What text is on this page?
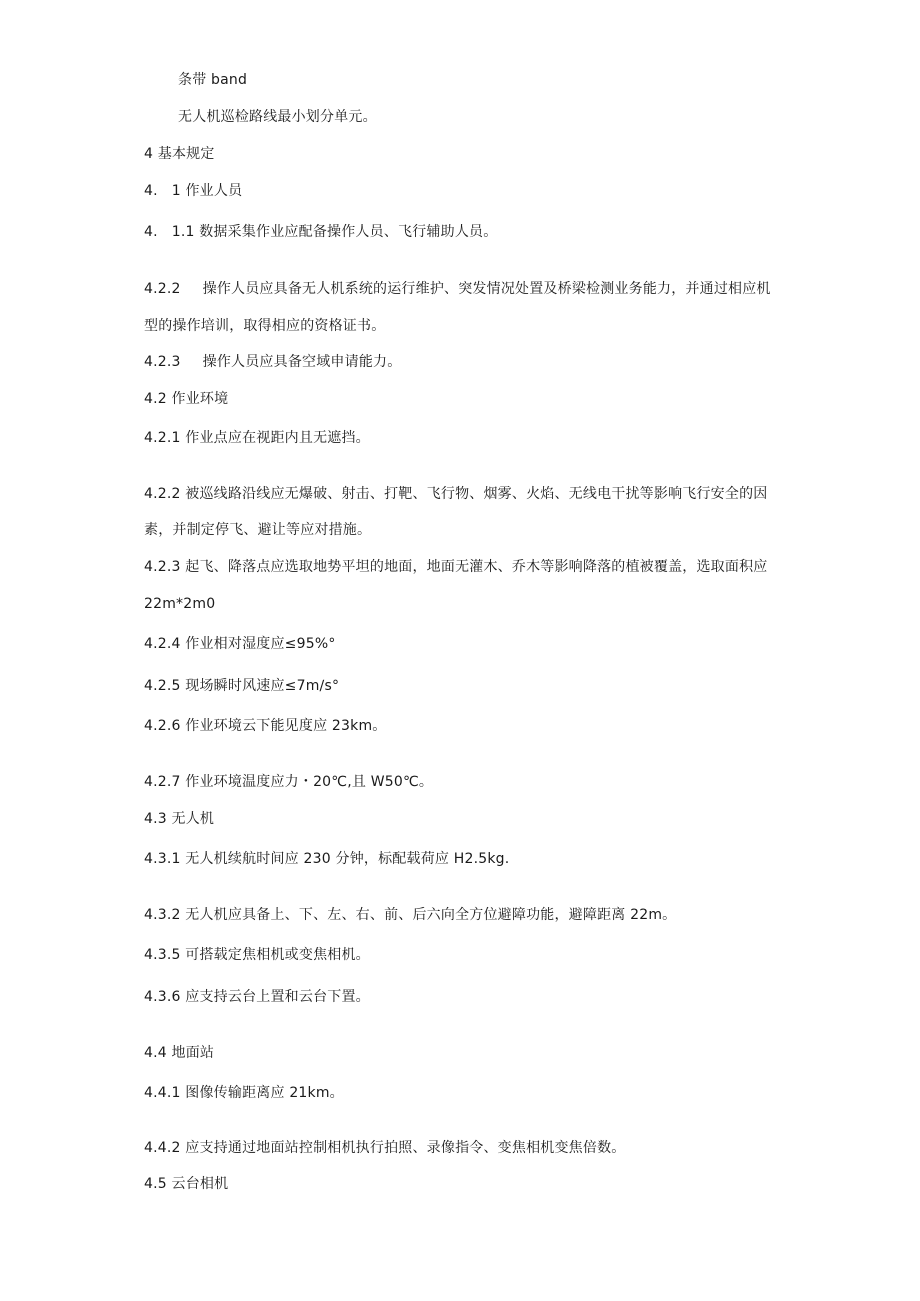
条带 band
无人机巡检路线最小划分单元。
4 基本规定
4.   1 作业人员
4.   1.1 数据采集作业应配备操作人员、飞行辅助人员。
4.2.2 操作人员应具备无人机系统的运行维护、突发情况处置及桥梁检测业务能力，并通过相应机
型的操作培训，取得相应的资格证书。
4.2.3 操作人员应具备空域申请能力。
4.2 作业环境
4.2.1 作业点应在视距内且无遮挡。
4.2.2 被巡线路沿线应无爆破、射击、打靶、飞行物、烟雾、火焰、无线电干扰等影响飞行安全的因
素，并制定停飞、避让等应对措施。
4.2.3 起飞、降落点应选取地势平坦的地面，地面无灌木、乔木等影响降落的植被覆盖，选取面积应
22m*2m0
4.2.4 作业相对湿度应≤95%°
4.2.5 现场瞬时风速应≤7m∕s°
4.2.6 作业环境云下能见度应 23km。
4.2.7 作业环境温度应力・20℃,且 W50℃。
4.3 无人机
4.3.1 无人机续航时间应 230 分钟，标配载荷应 H2.5kg.
4.3.2 无人机应具备上、下、左、右、前、后六向全方位避障功能，避障距离 22m。
4.3.5 可搭载定焦相机或变焦相机。
4.3.6 应支持云台上置和云台下置。
4.4 地面站
4.4.1 图像传输距离应 21km。
4.4.2 应支持通过地面站控制相机执行拍照、录像指令、变焦相机变焦倍数。
4.5 云台相机
